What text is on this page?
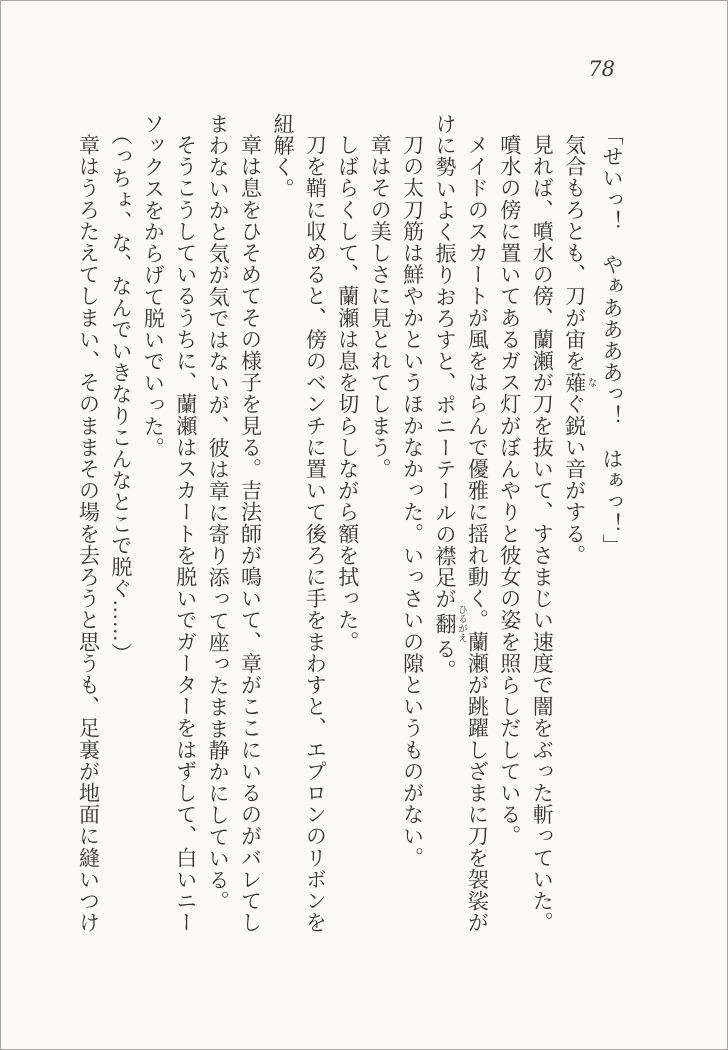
78

「せいっ！　やぁああああっ！　はぁっ！」

気合もろとも、刀が宙を薙 なぐ鋭い音がする。

見れば、噴水の傍、蘭瀬が刀を抜いて、すさまじい速度で闇をぶった斬っていた。

噴水の傍に置いてあるガス灯がぼんやりと彼女の姿を照らしだしている。

メイドのスカートが風をはらんで優雅に揺れ動く。蘭瀬が跳躍しざまに刀を袈裟がけに勢いよく振りおろすと、ポニーテールの襟足が翻 ひるがえる。

刀の太刀筋は鮮やかというほかなかった。いっさいの隙というものがない。

章はその美しさに見とれてしまう。

しばらくして、蘭瀬は息を切らしながら額を拭った。

刀を鞘に収めると、傍のベンチに置いて後ろに手をまわすと、エプロンのリボンを紐解く。

章は息をひそめてその様子を見る。吉法師が鳴いて、章がここにいるのがバレてしまわないかと気が気ではないが、彼は章に寄り添って座ったまま静かにしている。

そうこうしているうちに、蘭瀬はスカートを脱いでガーターをはずして、白いニーソックスをからげて脱いでいった。

（っちょ、な、なんでいきなりこんなとこで脱ぐ……）

章はうろたえてしまい、そのままその場を去ろうと思うも、足裏が地面に縫いつけ
